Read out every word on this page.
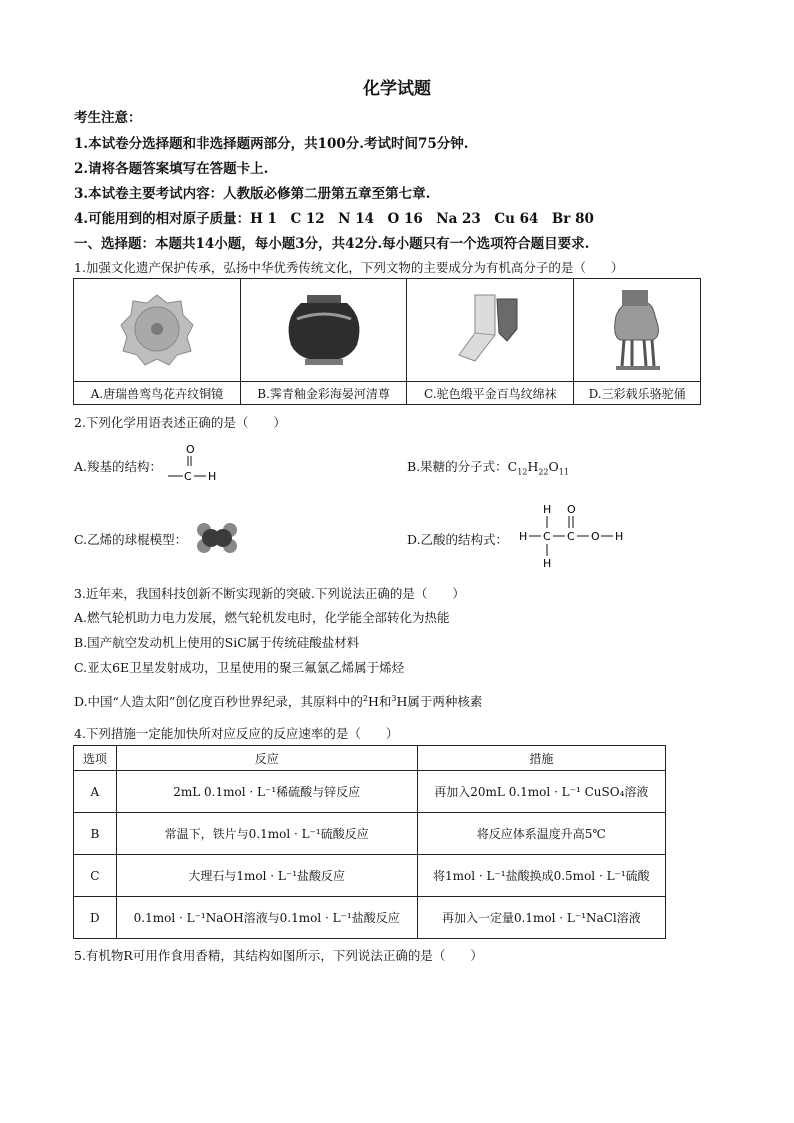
化学试题
考生注意：
1.本试卷分选择题和非选择题两部分，共100分.考试时间75分钟.
2.请将各题答案填写在答题卡上.
3.本试卷主要考试内容：人教版必修第二册第五章至第七章.
4.可能用到的相对原子质量：H 1　C 12　N 14　O 16　Na 23　Cu 64　Br 80
一、选择题：本题共14小题，每小题3分，共42分.每小题只有一个选项符合题目要求.
1.加强文化遗产保护传承，弘扬中华优秀传统文化，下列文物的主要成分为有机高分子的是（　　）

A.唐瑞兽鸾鸟花卉纹铜镜	B.霁青釉金彩海晏河清尊	C.驼色缎平金百鸟纹绵袜	D.三彩载乐骆驼俑
2.下列化学用语表述正确的是（　　）
A.羧基的结构：
O
C H
B.果糖的分子式：$C_{12}H_{22}O_{11}$
C.乙烯的球棍模型：	D.乙酸的结构式：
H
H C
H
C
O
O H
3.近年来，我国科技创新不断实现新的突破.下列说法正确的是（　　）
A.燃气轮机助力电力发展，燃气轮机发电时，化学能全部转化为热能
B.国产航空发动机上使用的SiC属于传统硅酸盐材料
C.亚太6E卫星发射成功，卫星使用的聚三氟氯乙烯属于烯烃
D.中国“人造太阳”创亿度百秒世界纪录，其原料中的$^2$H和$^3$H属于两种核素
4.下列措施一定能加快所对应反应的反应速率的是（　　）
选项	反应	措施
A	2mL 0.1mol · L⁻¹稀硫酸与锌反应	再加入20mL 0.1mol · L⁻¹ CuSO₄溶液
B	常温下，铁片与0.1mol · L⁻¹硫酸反应	将反应体系温度升高5℃
C	大理石与1mol · L⁻¹盐酸反应	将1mol · L⁻¹盐酸换成0.5mol · L⁻¹硫酸
D	0.1mol · L⁻¹NaOH溶液与0.1mol · L⁻¹盐酸反应	再加入一定量0.1mol · L⁻¹NaCl溶液
5.有机物R可用作食用香精，其结构如图所示，下列说法正确的是（　　）
